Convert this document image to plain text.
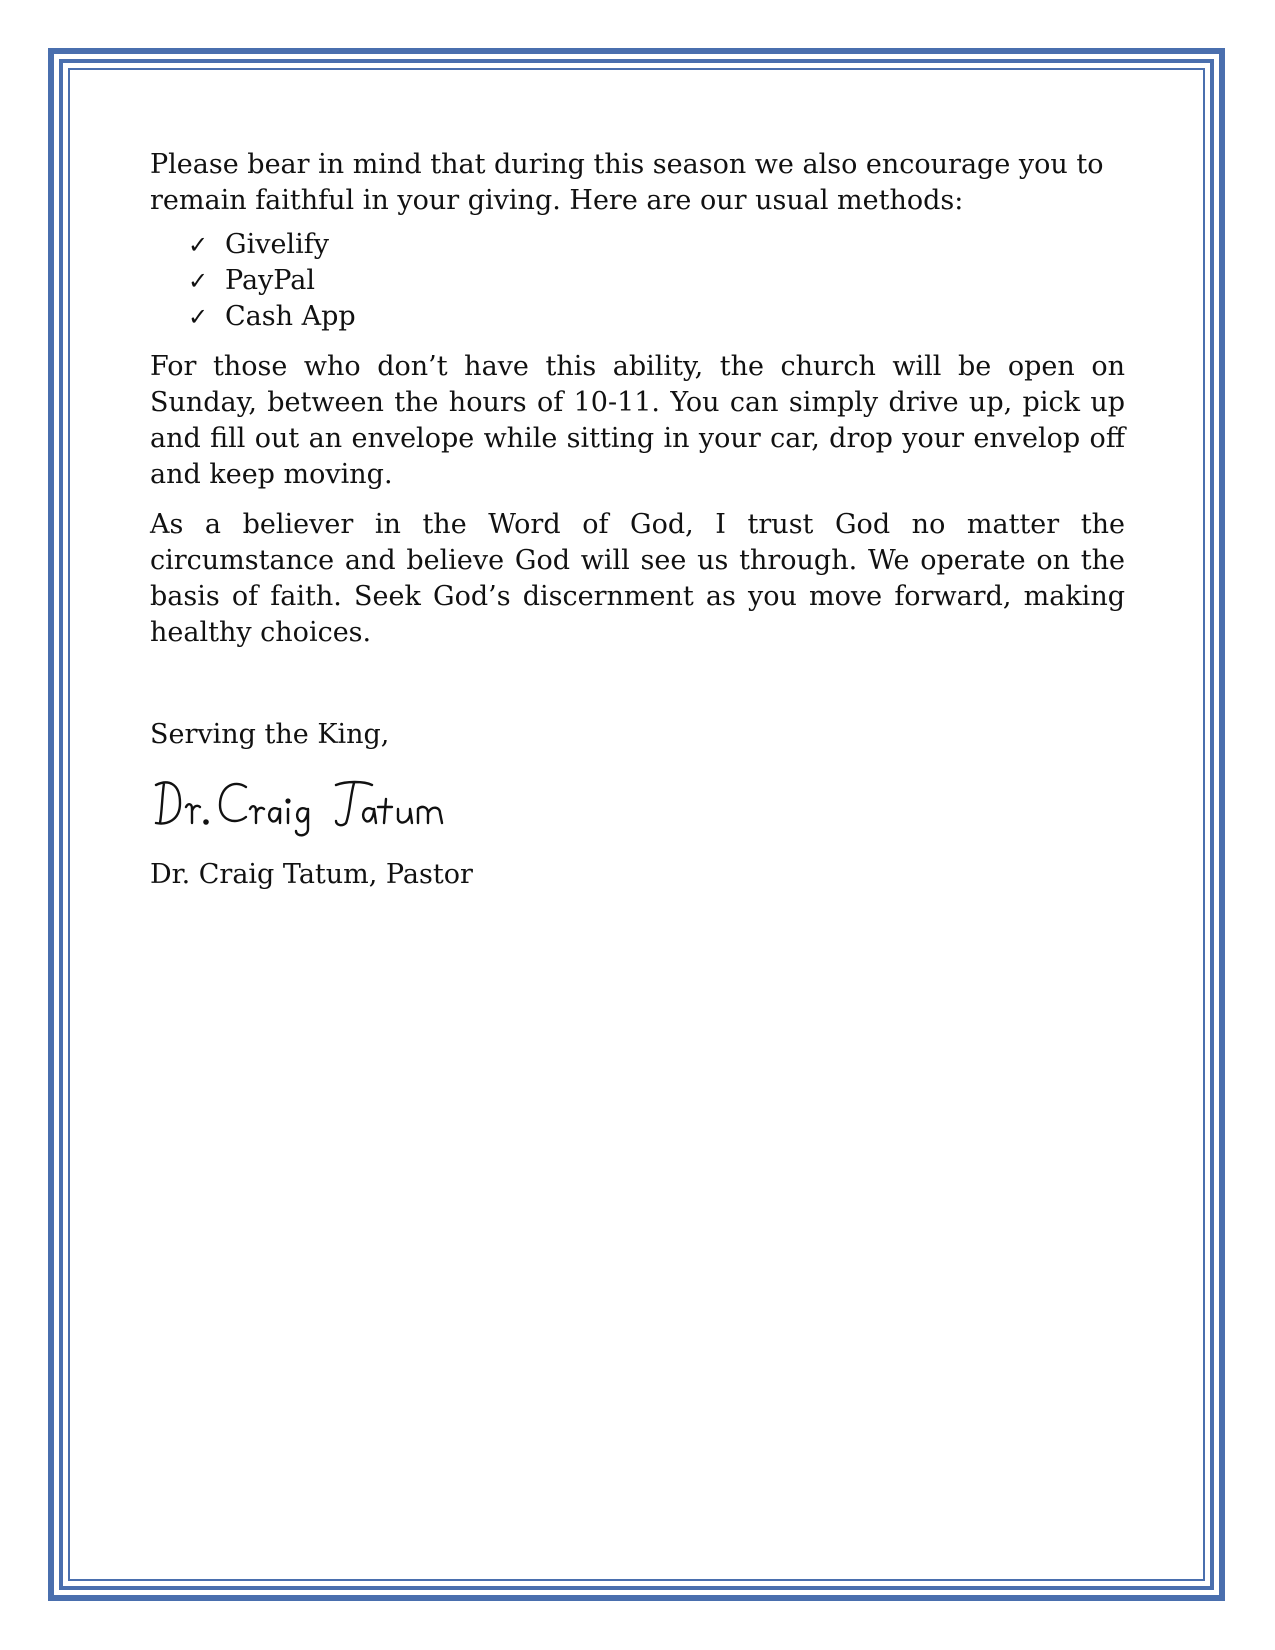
Please bear in mind that during this season we also encourage you to remain faithful in your giving. Here are our usual methods:

✓ Givelify
✓ PayPal
✓ Cash App

For those who don’t have this ability, the church will be open on Sunday, between the hours of 10-11. You can simply drive up, pick up and fill out an envelope while sitting in your car, drop your envelop off and keep moving.

As a believer in the Word of God, I trust God no matter the circumstance and believe God will see us through. We operate on the basis of faith. Seek God’s discernment as you move forward, making healthy choices.

Serving the King,

Dr. Craig Tatum, Pastor
